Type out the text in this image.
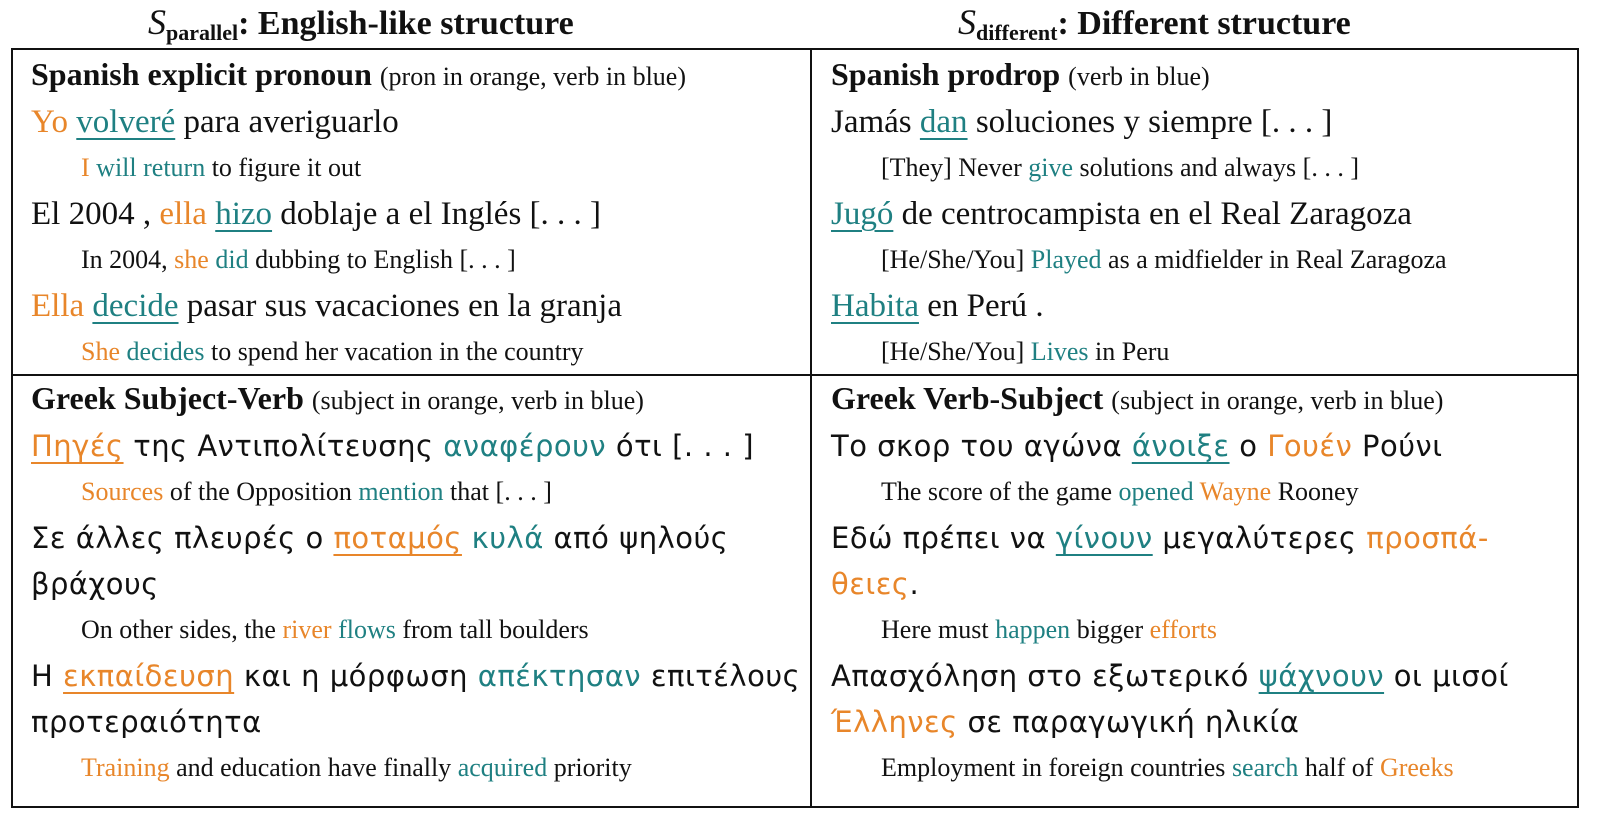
$S_{parallel}$: English-like structure	$S_{different}$: Different structure
Spanish explicit pronoun (pron in orange, verb in blue)
Yo volveré para averiguarlo
I will return to figure it out
El 2004 , ella hizo doblaje a el Inglés [. . . ]
In 2004, she did dubbing to English [. . . ]
Ella decide pasar sus vacaciones en la granja
She decides to spend her vacation in the country
Spanish prodrop (verb in blue)
Jamás dan soluciones y siempre [. . . ]
[They] Never give solutions and always [. . . ]
Jugó de centrocampista en el Real Zaragoza
[He/She/You] Played as a midfielder in Real Zaragoza
Habita en Perú .
[He/She/You] Lives in Peru
Greek Subject-Verb (subject in orange, verb in blue)
Πηγές της Αντιπολίτευσης αναφέρουν ότι [. . . ]
Sources of the Opposition mention that [. . . ]
Σε άλλες πλευρές ο ποταμός κυλά από ψηλούς βράχους
On other sides, the river flows from tall boulders
Η εκπαίδευση και η μόρφωση απέκτησαν επιτέλους προτεραιότητα
Training and education have finally acquired priority
Greek Verb-Subject (subject in orange, verb in blue)
Το σκορ του αγώνα άνοιξε ο Γουέν Ρούνι
The score of the game opened Wayne Rooney
Εδώ πρέπει να γίνουν μεγαλύτερες προσπά-θειες.
Here must happen bigger efforts
Απασχόληση στο εξωτερικό ψάχνουν οι μισοί Έλληνες σε παραγωγική ηλικία
Employment in foreign countries search half of Greeks
